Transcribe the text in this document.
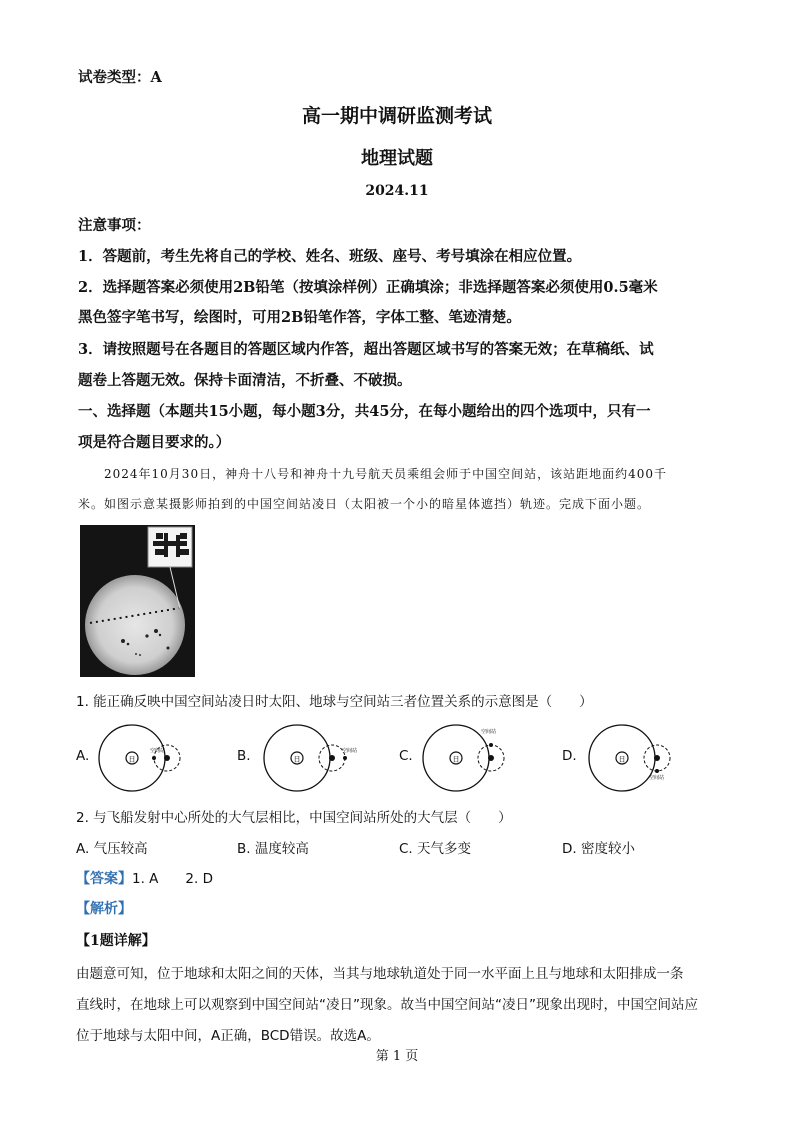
试卷类型：A
高一期中调研监测考试
地理试题
2024.11
注意事项：
1．答题前，考生先将自己的学校、姓名、班级、座号、考号填涂在相应位置。
2．选择题答案必须使用2B铅笔（按填涂样例）正确填涂；非选择题答案必须使用0.5毫米
黑色签字笔书写，绘图时，可用2B铅笔作答，字体工整、笔迹清楚。
3．请按照题号在各题目的答题区域内作答，超出答题区域书写的答案无效；在草稿纸、试
题卷上答题无效。保持卡面清洁，不折叠、不破损。
一、选择题（本题共15小题，每小题3分，共45分，在每小题给出的四个选项中，只有一
项是符合题目要求的。）
2024年10月30日，神舟十八号和神舟十九号航天员乘组会师于中国空间站，该站距地面约400千
米。如图示意某摄影师拍到的中国空间站凌日（太阳被一个小的暗星体遮挡）轨迹。完成下面小题。
1. 能正确反映中国空间站凌日时太阳、地球与空间站三者位置关系的示意图是（　　）
A.	日
空间站	B.	日
空间站	C.	日
空间站
D.	日
空间站
2. 与飞船发射中心所处的大气层相比，中国空间站所处的大气层（　　）
A. 气压较高	B. 温度较高	C. 天气多变	D. 密度较小
【答案】1. A　　2. D
【解析】
【1题详解】
由题意可知，位于地球和太阳之间的天体，当其与地球轨道处于同一水平面上且与地球和太阳排成一条
直线时，在地球上可以观察到中国空间站“凌日”现象。故当中国空间站“凌日”现象出现时，中国空间站应
位于地球与太阳中间，A正确，BCD错误。故选A。
第 1 页
